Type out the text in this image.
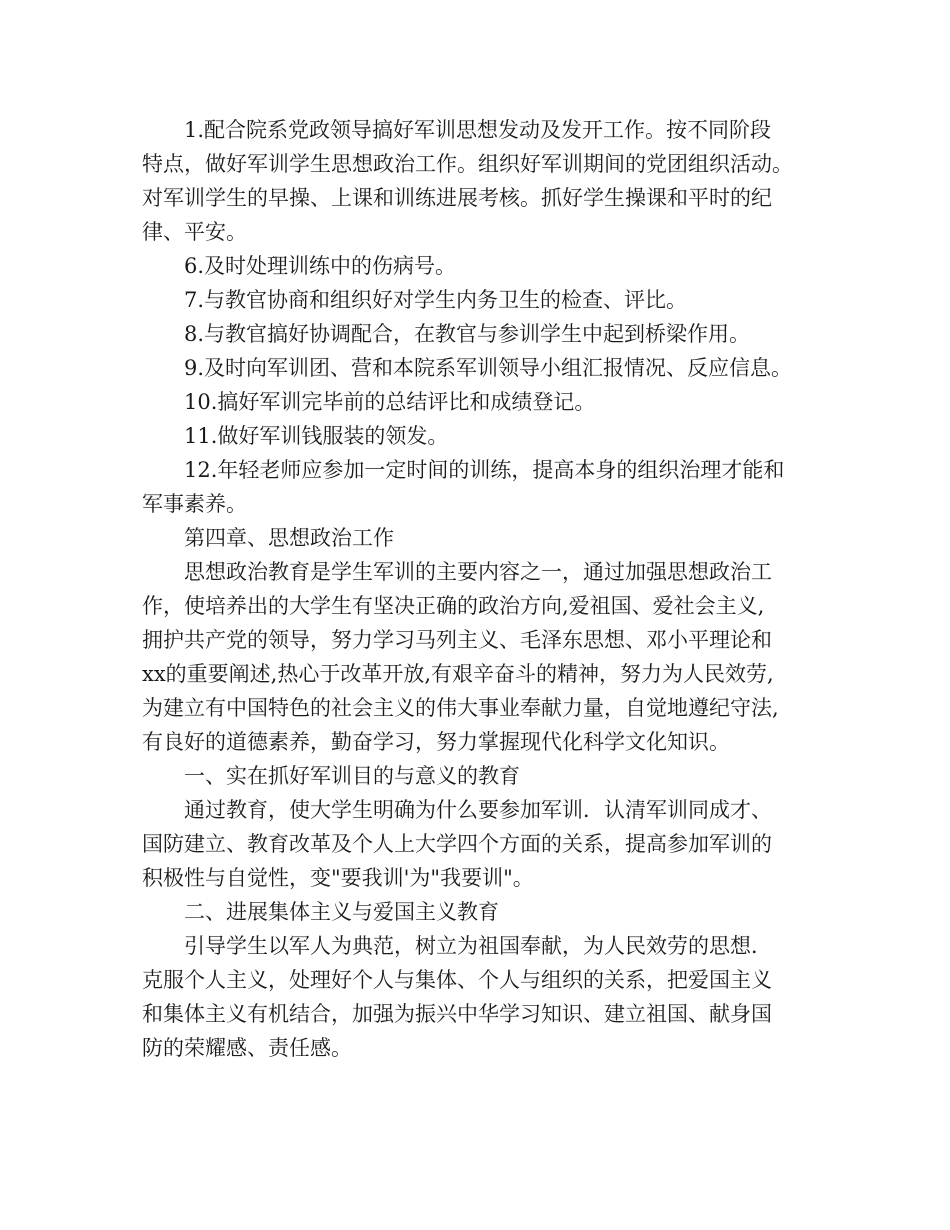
1.配合院系党政领导搞好军训思想发动及发开工作。按不同阶段

特点，做好军训学生思想政治工作。组织好军训期间的党团组织活动。

对军训学生的早操、上课和训练进展考核。抓好学生操课和平时的纪

律、平安。

6.及时处理训练中的伤病号。

7.与教官协商和组织好对学生内务卫生的检查、评比。

8.与教官搞好协调配合，在教官与参训学生中起到桥梁作用。

9.及时向军训团、营和本院系军训领导小组汇报情况、反应信息。

10.搞好军训完毕前的总结评比和成绩登记。

11.做好军训钱服装的领发。

12.年轻老师应参加一定时间的训练，提高本身的组织治理才能和

军事素养。

第四章、思想政治工作

思想政治教育是学生军训的主要内容之一，通过加强思想政治工

作，使培养出的大学生有坚决正确的政治方向,爱祖国、爱社会主义,

拥护共产党的领导，努力学习马列主义、毛泽东思想、邓小平理论和

xx的重要阐述,热心于改革开放,有艰辛奋斗的精神，努力为人民效劳,

为建立有中国特色的社会主义的伟大事业奉献力量，自觉地遵纪守法,

有良好的道德素养，勤奋学习，努力掌握现代化科学文化知识。

一、实在抓好军训目的与意义的教育

通过教育，使大学生明确为什么要参加军训．认清军训同成才、

国防建立、教育改革及个人上大学四个方面的关系，提高参加军训的

积极性与自觉性，变"要我训'为"我要训"。

二、进展集体主义与爱国主义教育

引导学生以军人为典范，树立为祖国奉献，为人民效劳的思想．

克服个人主义，处理好个人与集体、个人与组织的关系，把爱国主义

和集体主义有机结合，加强为振兴中华学习知识、建立祖国、献身国

防的荣耀感、责任感。
